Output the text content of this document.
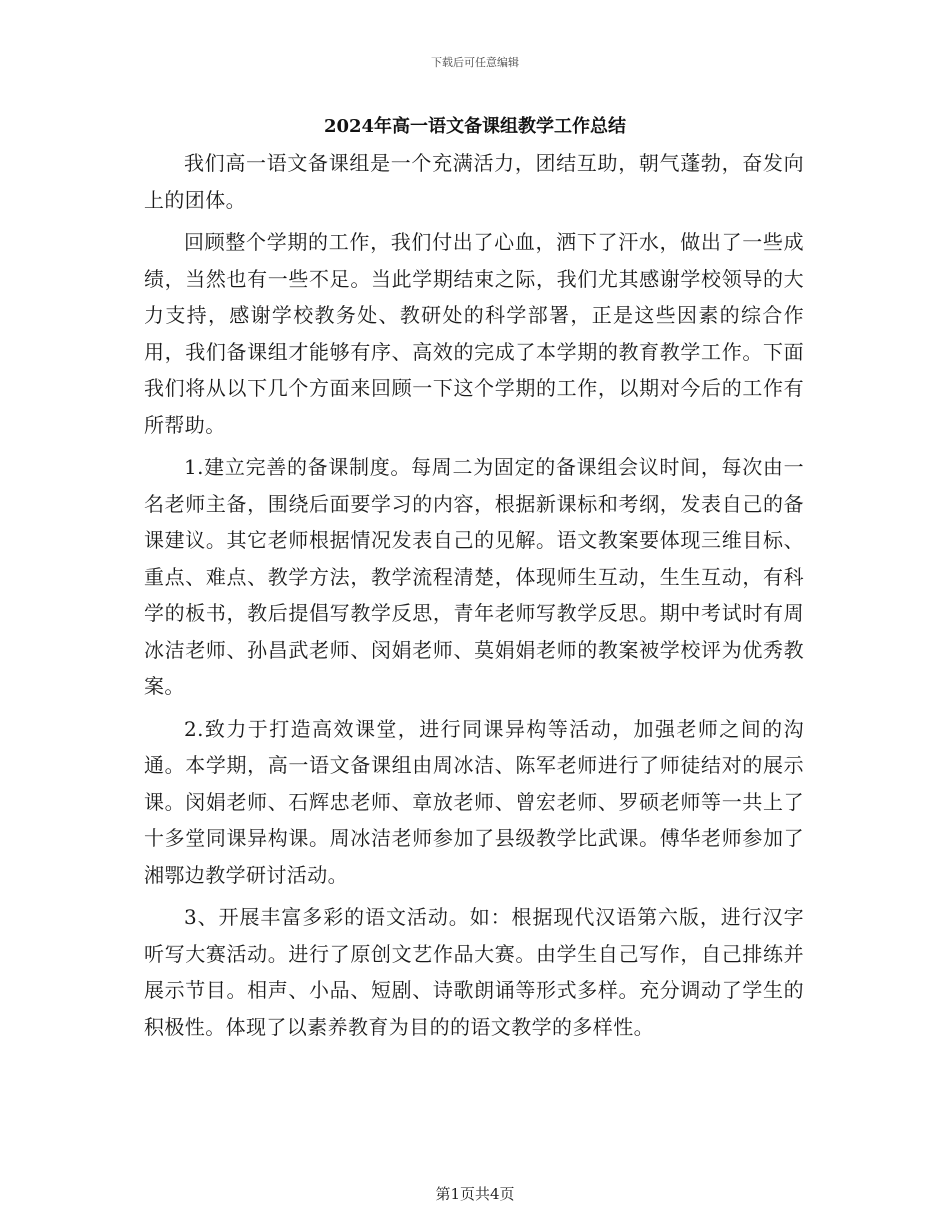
下载后可任意编辑
2024年高一语文备课组教学工作总结

我们高一语文备课组是一个充满活力，团结互助，朝气蓬勃，奋发向上的团体。

回顾整个学期的工作，我们付出了心血，洒下了汗水，做出了一些成绩，当然也有一些不足。当此学期结束之际，我们尤其感谢学校领导的大力支持，感谢学校教务处、教研处的科学部署，正是这些因素的综合作用，我们备课组才能够有序、高效的完成了本学期的教育教学工作。下面我们将从以下几个方面来回顾一下这个学期的工作，以期对今后的工作有所帮助。

1.建立完善的备课制度。每周二为固定的备课组会议时间，每次由一名老师主备，围绕后面要学习的内容，根据新课标和考纲，发表自己的备课建议。其它老师根据情况发表自己的见解。语文教案要体现三维目标、重点、难点、教学方法，教学流程清楚，体现师生互动，生生互动，有科学的板书，教后提倡写教学反思，青年老师写教学反思。期中考试时有周冰洁老师、孙昌武老师、闵娟老师、莫娟娟老师的教案被学校评为优秀教案。

2.致力于打造高效课堂，进行同课异构等活动，加强老师之间的沟通。本学期，高一语文备课组由周冰洁、陈军老师进行了师徒结对的展示课。闵娟老师、石辉忠老师、章放老师、曾宏老师、罗硕老师等一共上了十多堂同课异构课。周冰洁老师参加了县级教学比武课。傅华老师参加了湘鄂边教学研讨活动。

3、开展丰富多彩的语文活动。如：根据现代汉语第六版，进行汉字听写大赛活动。进行了原创文艺作品大赛。由学生自己写作，自己排练并展示节目。相声、小品、短剧、诗歌朗诵等形式多样。充分调动了学生的积极性。体现了以素养教育为目的的语文教学的多样性。

第1页共4页
